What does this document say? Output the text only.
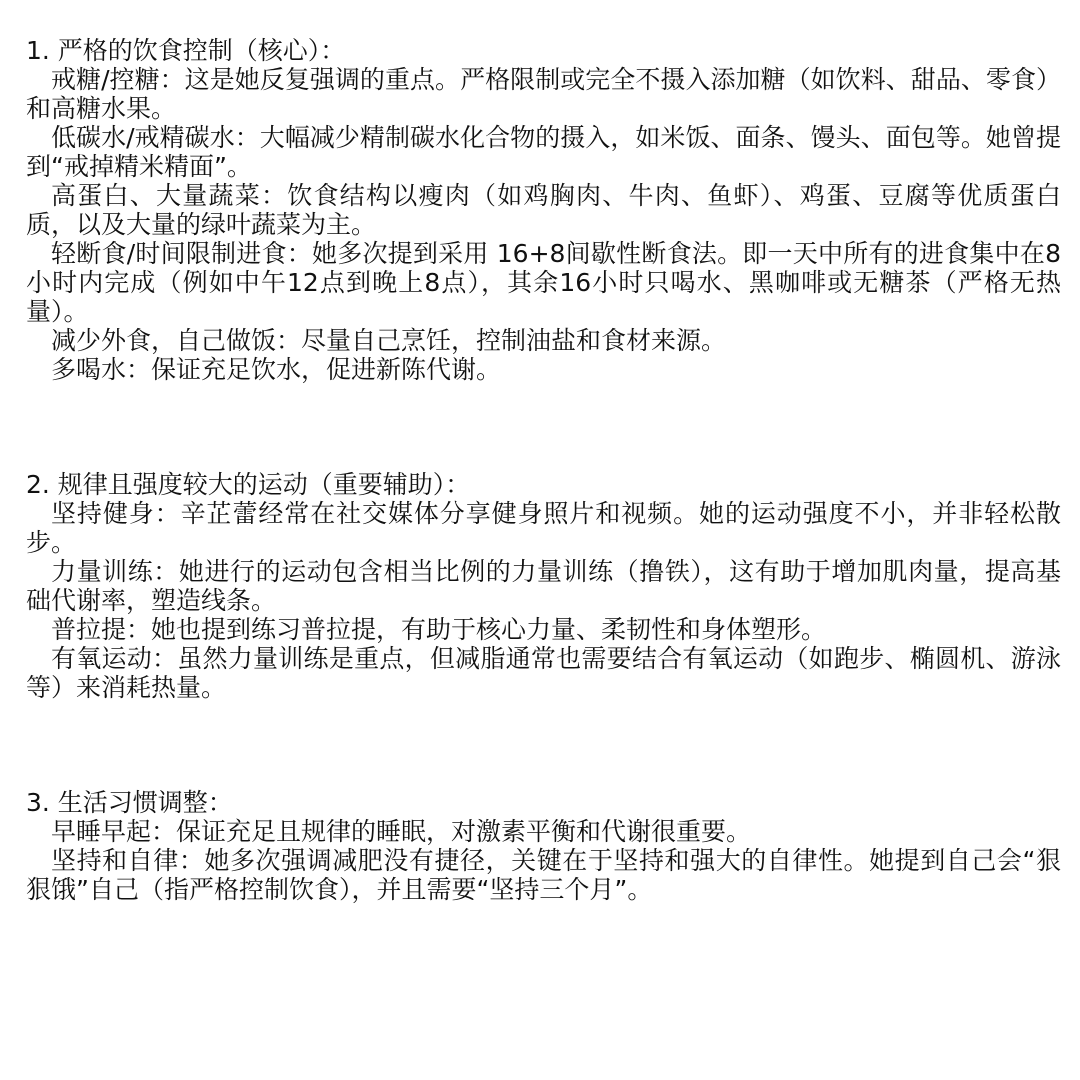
1. 严格的饮食控制（核心）：
戒糖/控糖：这是她反复强调的重点。严格限制或完全不摄入添加糖（如饮料、甜品、零食）和高糖水果。
低碳水/戒精碳水：大幅减少精制碳水化合物的摄入，如米饭、面条、馒头、面包等。她曾提到“戒掉精米精面”。
高蛋白、大量蔬菜：饮食结构以瘦肉（如鸡胸肉、牛肉、鱼虾）、鸡蛋、豆腐等优质蛋白质，以及大量的绿叶蔬菜为主。
轻断食/时间限制进食：她多次提到采用 16+8间歇性断食法。即一天中所有的进食集中在8小时内完成（例如中午12点到晚上8点），其余16小时只喝水、黑咖啡或无糖茶（严格无热量）。
减少外食，自己做饭：尽量自己烹饪，控制油盐和食材来源。
多喝水：保证充足饮水，促进新陈代谢。
2. 规律且强度较大的运动（重要辅助）：
坚持健身：辛芷蕾经常在社交媒体分享健身照片和视频。她的运动强度不小，并非轻松散步。
力量训练：她进行的运动包含相当比例的力量训练（撸铁），这有助于增加肌肉量，提高基础代谢率，塑造线条。
普拉提：她也提到练习普拉提，有助于核心力量、柔韧性和身体塑形。
有氧运动：虽然力量训练是重点，但减脂通常也需要结合有氧运动（如跑步、椭圆机、游泳等）来消耗热量。
3. 生活习惯调整：
早睡早起：保证充足且规律的睡眠，对激素平衡和代谢很重要。
坚持和自律：她多次强调减肥没有捷径，关键在于坚持和强大的自律性。她提到自己会“狠狠饿”自己（指严格控制饮食），并且需要“坚持三个月”。
